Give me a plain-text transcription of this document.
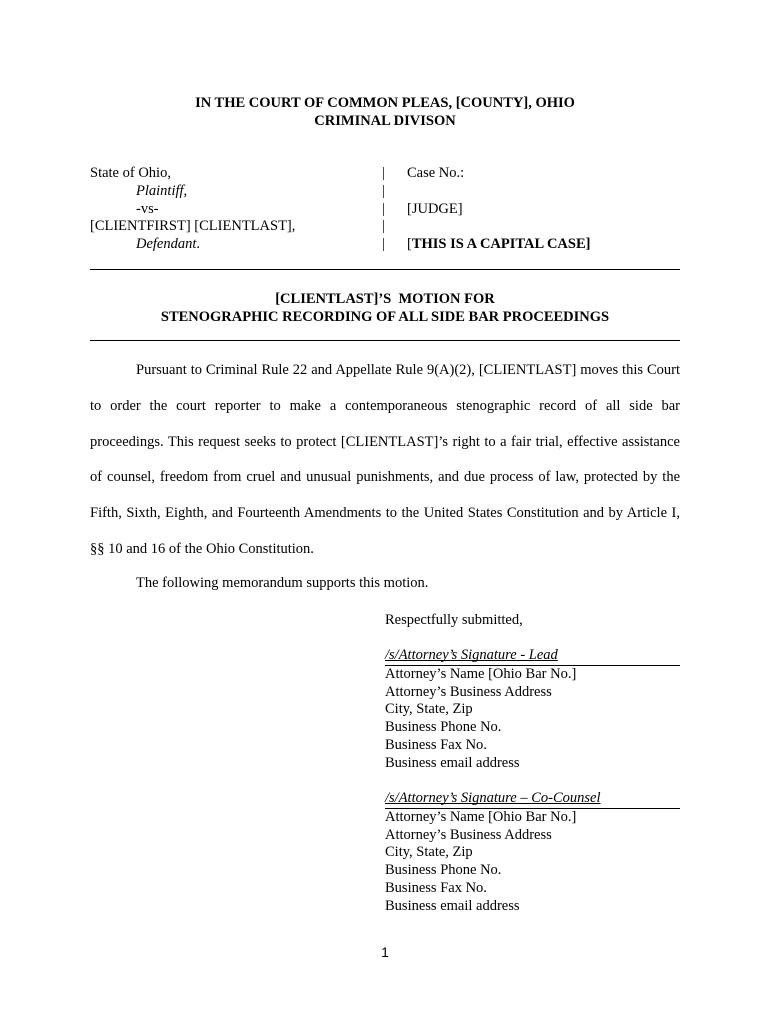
IN THE COURT OF COMMON PLEAS, [COUNTY], OHIO
CRIMINAL DIVISON
State of Ohio,
Plaintiff,
-vs-
[CLIENTFIRST] [CLIENTLAST],
Defendant.
|
|
|
|
|
Case No.:

[JUDGE]

[THIS IS A CAPITAL CASE]
[CLIENTLAST]’S  MOTION FOR
STENOGRAPHIC RECORDING OF ALL SIDE BAR PROCEEDINGS

Pursuant to Criminal Rule 22 and Appellate Rule 9(A)(2), [CLIENTLAST] moves this Court to order the court reporter to make a contemporaneous stenographic record of all side bar proceedings. This request seeks to protect [CLIENTLAST]’s right to a fair trial, effective assistance of counsel, freedom from cruel and unusual punishments, and due process of law, protected by the Fifth, Sixth, Eighth, and Fourteenth Amendments to the United States Constitution and by Article I, §§ 10 and 16 of the Ohio Constitution.

The following memorandum supports this motion.

Respectfully submitted,
/s/Attorney’s Signature - Lead
Attorney’s Name [Ohio Bar No.]
Attorney’s Business Address
City, State, Zip
Business Phone No.
Business Fax No.
Business email address
/s/Attorney’s Signature – Co-Counsel
Attorney’s Name [Ohio Bar No.]
Attorney’s Business Address
City, State, Zip
Business Phone No.
Business Fax No.
Business email address
1
